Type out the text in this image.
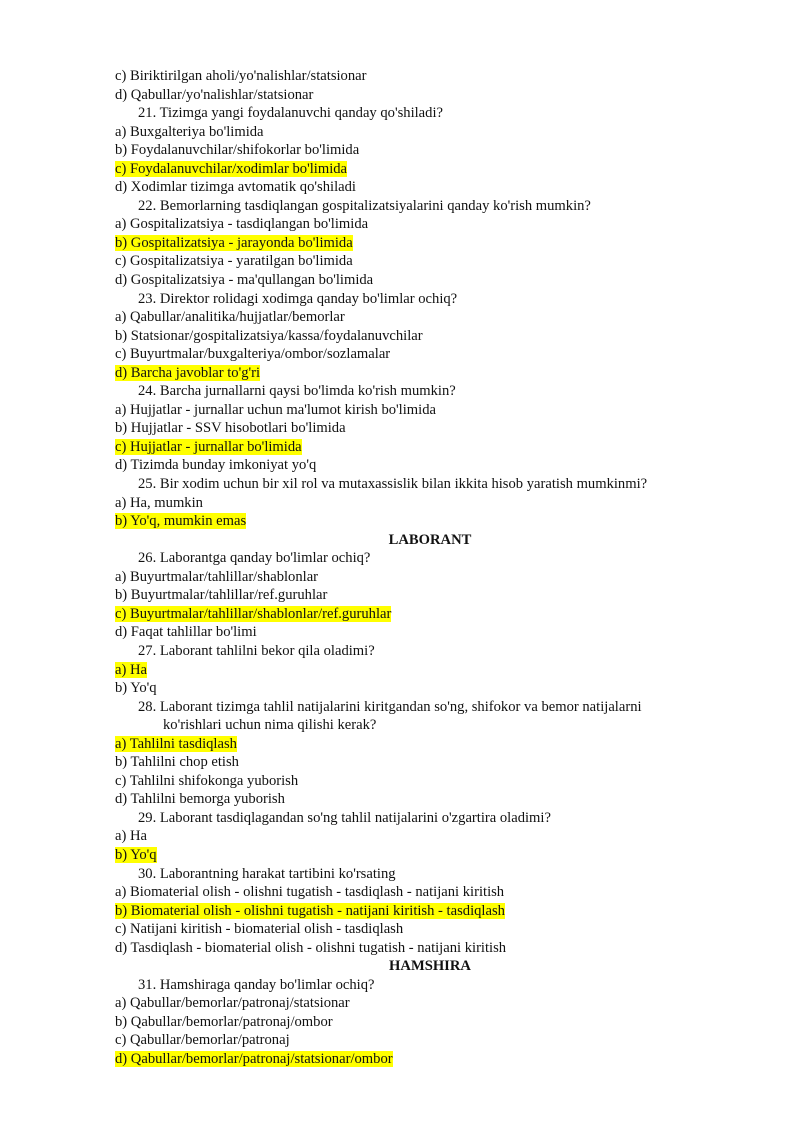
c) Biriktirilgan aholi/yo'nalishlar/statsionar
d) Qabullar/yo'nalishlar/statsionar
21. Tizimga yangi foydalanuvchi qanday qo'shiladi?
a) Buxgalteriya bo'limida
b) Foydalanuvchilar/shifokorlar bo'limida
c) Foydalanuvchilar/xodimlar bo'limida
d) Xodimlar tizimga avtomatik qo'shiladi
22. Bemorlarning tasdiqlangan gospitalizatsiyalarini qanday ko'rish mumkin?
a) Gospitalizatsiya - tasdiqlangan bo'limida
b) Gospitalizatsiya - jarayonda bo'limida
c) Gospitalizatsiya - yaratilgan bo'limida
d) Gospitalizatsiya - ma'qullangan bo'limida
23. Direktor rolidagi xodimga qanday bo'limlar ochiq?
a) Qabullar/analitika/hujjatlar/bemorlar
b) Statsionar/gospitalizatsiya/kassa/foydalanuvchilar
c) Buyurtmalar/buxgalteriya/ombor/sozlamalar
d) Barcha javoblar to'g'ri
24. Barcha jurnallarni qaysi bo'limda ko'rish mumkin?
a) Hujjatlar - jurnallar uchun ma'lumot kirish bo'limida
b) Hujjatlar - SSV hisobotlari bo'limida
c) Hujjatlar - jurnallar bo'limida
d) Tizimda bunday imkoniyat yo'q
25. Bir xodim uchun bir xil rol va mutaxassislik bilan ikkita hisob yaratish mumkinmi?
a) Ha, mumkin
b) Yo'q, mumkin emas
LABORANT
26. Laborantga qanday bo'limlar ochiq?
a) Buyurtmalar/tahlillar/shablonlar
b) Buyurtmalar/tahlillar/ref.guruhlar
c) Buyurtmalar/tahlillar/shablonlar/ref.guruhlar
d) Faqat tahlillar bo'limi
27. Laborant tahlilni bekor qila oladimi?
a) Ha
b) Yo'q
28. Laborant tizimga tahlil natijalarini kiritgandan so'ng, shifokor va bemor natijalarni
ko'rishlari uchun nima qilishi kerak?
a) Tahlilni tasdiqlash
b) Tahlilni chop etish
c) Tahlilni shifokonga yuborish
d) Tahlilni bemorga yuborish
29. Laborant tasdiqlagandan so'ng tahlil natijalarini o'zgartira oladimi?
a) Ha
b) Yo'q
30. Laborantning harakat tartibini ko'rsating
a) Biomaterial olish - olishni tugatish - tasdiqlash - natijani kiritish
b) Biomaterial olish - olishni tugatish - natijani kiritish - tasdiqlash
c) Natijani kiritish - biomaterial olish - tasdiqlash
d) Tasdiqlash - biomaterial olish - olishni tugatish - natijani kiritish
HAMSHIRA
31. Hamshiraga qanday bo'limlar ochiq?
a) Qabullar/bemorlar/patronaj/statsionar
b) Qabullar/bemorlar/patronaj/ombor
c) Qabullar/bemorlar/patronaj
d) Qabullar/bemorlar/patronaj/statsionar/ombor
